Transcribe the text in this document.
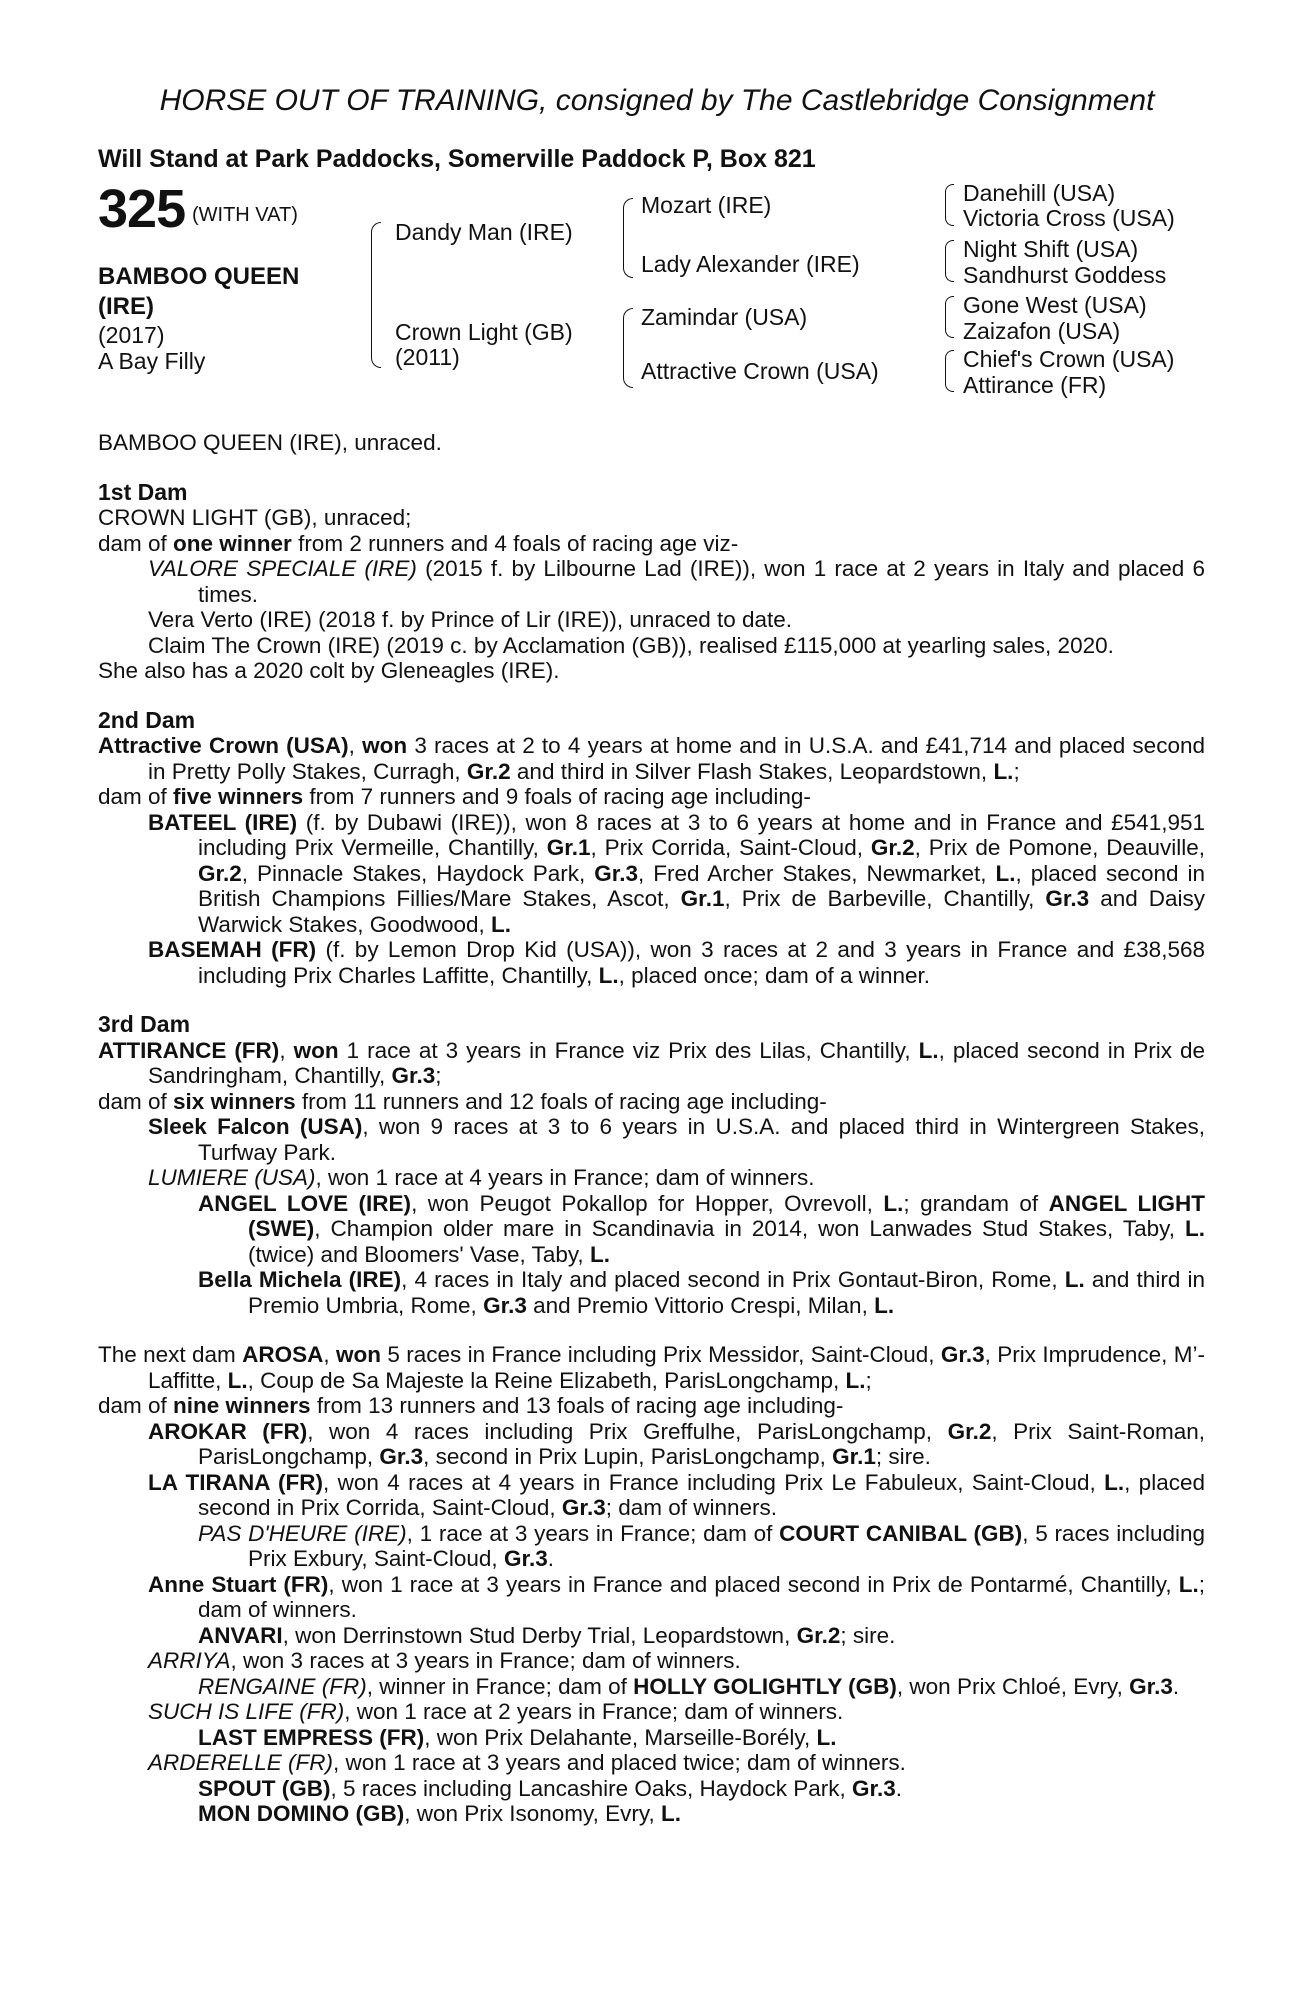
HORSE OUT OF TRAINING, consigned by The Castlebridge Consignment
Will Stand at Park Paddocks, Somerville Paddock P, Box 821
325 (WITH VAT)
BAMBOO QUEEN
(IRE)
(2017)
A Bay Filly
Dandy Man (IRE)
Crown Light (GB)
(2011)
Mozart (IRE)
Lady Alexander (IRE)
Zamindar (USA)
Attractive Crown (USA)
Danehill (USA)
Victoria Cross (USA)
Night Shift (USA)
Sandhurst Goddess
Gone West (USA)
Zaizafon (USA)
Chief's Crown (USA)
Attirance (FR)

BAMBOO QUEEN (IRE), unraced.

1st Dam

CROWN LIGHT (GB), unraced;

dam of one winner from 2 runners and 4 foals of racing age viz-

VALORE SPECIALE (IRE) (2015 f. by Lilbourne Lad (IRE)), won 1 race at 2 years in Italy and placed 6 times.

Vera Verto (IRE) (2018 f. by Prince of Lir (IRE)), unraced to date.

Claim The Crown (IRE) (2019 c. by Acclamation (GB)), realised £115,000 at yearling sales, 2020.

She also has a 2020 colt by Gleneagles (IRE).

2nd Dam

Attractive Crown (USA), won 3 races at 2 to 4 years at home and in U.S.A. and £41,714 and placed second in Pretty Polly Stakes, Curragh, Gr.2 and third in Silver Flash Stakes, Leopardstown, L.;

dam of five winners from 7 runners and 9 foals of racing age including-

BATEEL (IRE) (f. by Dubawi (IRE)), won 8 races at 3 to 6 years at home and in France and £541,951 including Prix Vermeille, Chantilly, Gr.1, Prix Corrida, Saint-Cloud, Gr.2, Prix de Pomone, Deauville, Gr.2, Pinnacle Stakes, Haydock Park, Gr.3, Fred Archer Stakes, Newmarket, L., placed second in British Champions Fillies/Mare Stakes, Ascot, Gr.1, Prix de Barbeville, Chantilly, Gr.3 and Daisy Warwick Stakes, Goodwood, L.

BASEMAH (FR) (f. by Lemon Drop Kid (USA)), won 3 races at 2 and 3 years in France and £38,568 including Prix Charles Laffitte, Chantilly, L., placed once; dam of a winner.

3rd Dam

ATTIRANCE (FR), won 1 race at 3 years in France viz Prix des Lilas, Chantilly, L., placed second in Prix de Sandringham, Chantilly, Gr.3;

dam of six winners from 11 runners and 12 foals of racing age including-

Sleek Falcon (USA), won 9 races at 3 to 6 years in U.S.A. and placed third in Wintergreen Stakes, Turfway Park.

LUMIERE (USA), won 1 race at 4 years in France; dam of winners.

ANGEL LOVE (IRE), won Peugot Pokallop for Hopper, Ovrevoll, L.; grandam of ANGEL LIGHT (SWE), Champion older mare in Scandinavia in 2014, won Lanwades Stud Stakes, Taby, L. (twice) and Bloomers' Vase, Taby, L.

Bella Michela (IRE), 4 races in Italy and placed second in Prix Gontaut-Biron, Rome, L. and third in Premio Umbria, Rome, Gr.3 and Premio Vittorio Crespi, Milan, L.

The next dam AROSA, won 5 races in France including Prix Messidor, Saint-Cloud, Gr.3, Prix Imprudence, M’-Laffitte, L., Coup de Sa Majeste la Reine Elizabeth, ParisLongchamp, L.;

dam of nine winners from 13 runners and 13 foals of racing age including-

AROKAR (FR), won 4 races including Prix Greffulhe, ParisLongchamp, Gr.2, Prix Saint-Roman, ParisLongchamp, Gr.3, second in Prix Lupin, ParisLongchamp, Gr.1; sire.

LA TIRANA (FR), won 4 races at 4 years in France including Prix Le Fabuleux, Saint-Cloud, L., placed second in Prix Corrida, Saint-Cloud, Gr.3; dam of winners.

PAS D'HEURE (IRE), 1 race at 3 years in France; dam of COURT CANIBAL (GB), 5 races including Prix Exbury, Saint-Cloud, Gr.3.

Anne Stuart (FR), won 1 race at 3 years in France and placed second in Prix de Pontarmé, Chantilly, L.; dam of winners.

ANVARI, won Derrinstown Stud Derby Trial, Leopardstown, Gr.2; sire.

ARRIYA, won 3 races at 3 years in France; dam of winners.

RENGAINE (FR), winner in France; dam of HOLLY GOLIGHTLY (GB), won Prix Chloé, Evry, Gr.3.

SUCH IS LIFE (FR), won 1 race at 2 years in France; dam of winners.

LAST EMPRESS (FR), won Prix Delahante, Marseille-Borély, L.

ARDERELLE (FR), won 1 race at 3 years and placed twice; dam of winners.

SPOUT (GB), 5 races including Lancashire Oaks, Haydock Park, Gr.3.

MON DOMINO (GB), won Prix Isonomy, Evry, L.
